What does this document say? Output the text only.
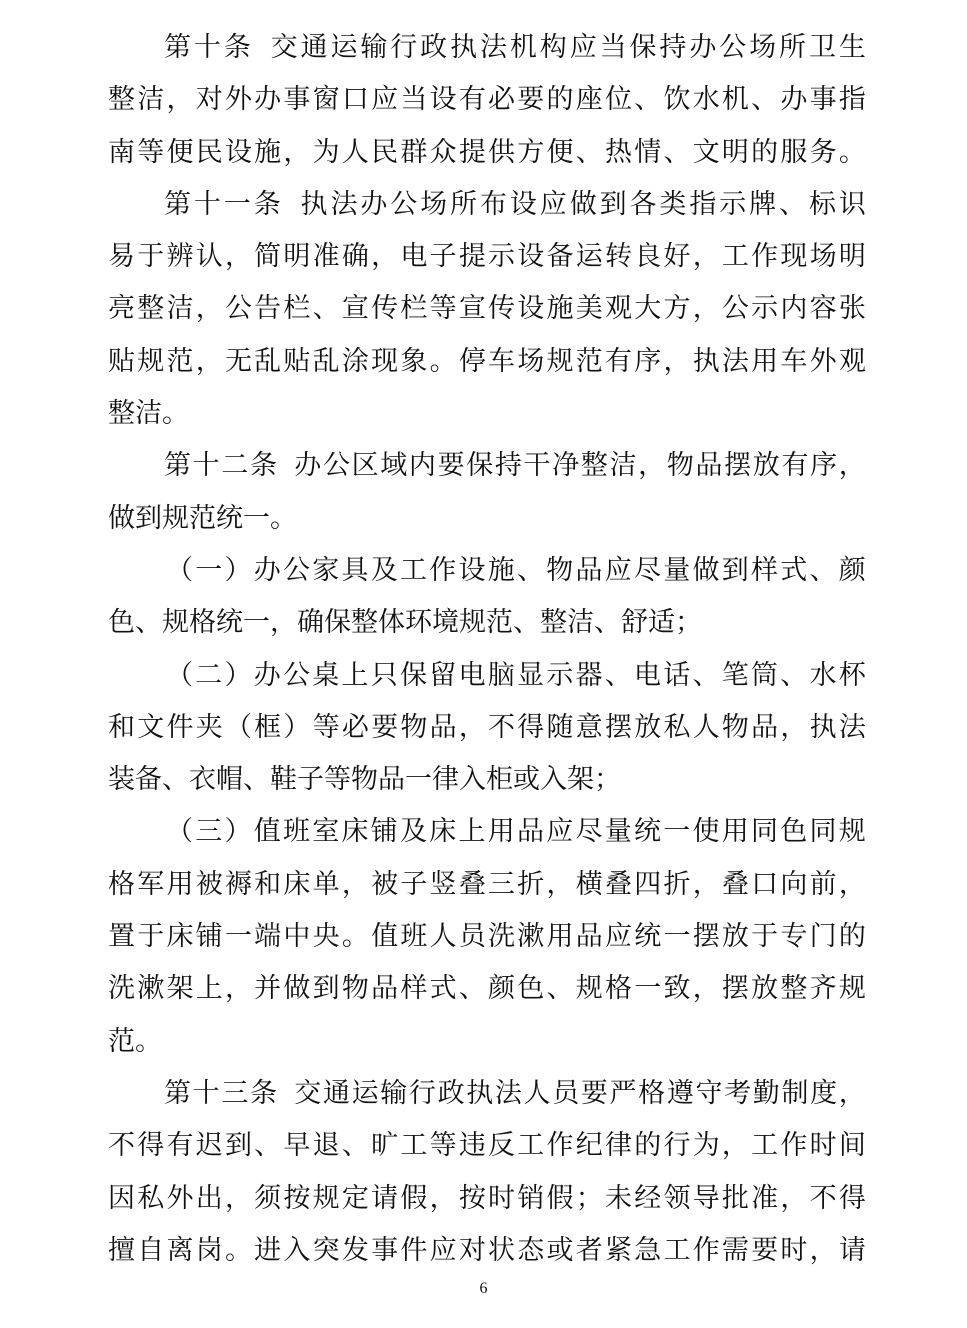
第 十 条
交 通 运 输 行 政 执 法 机 构 应 当 保 持 办 公 场 所 卫 生
整 洁 ， 对 外 办 事 窗 口 应 当 设 有 必 要 的 座 位 、 饮 水 机 、 办 事 指
南 等 便 民 设 施 ， 为 人 民 群 众 提 供 方 便 、 热 情 、 文 明 的 服 务 。
第 十 一 条
执 法 办 公 场 所 布 设 应 做 到 各 类 指 示 牌 、 标 识
易 于 辨 认 ， 简 明 准 确 ， 电 子 提 示 设 备 运 转 良 好 ， 工 作 现 场 明
亮 整 洁 ， 公 告 栏 、 宣 传 栏 等 宣 传 设 施 美 观 大 方 ， 公 示 内 容 张
贴 规 范 ， 无 乱 贴 乱 涂 现 象 。 停 车 场 规 范 有 序 ， 执 法 用 车 外 观
整 洁 。
第 十 二 条
办 公 区 域 内 要 保 持 干 净 整 洁 ， 物 品 摆 放 有 序 ，
做 到 规 范 统 一 。
（ 一 ） 办 公 家 具 及 工 作 设 施 、 物 品 应 尽 量 做 到 样 式 、 颜
色 、 规 格 统 一 ， 确 保 整 体 环 境 规 范 、 整 洁 、 舒 适 ；
（ 二 ） 办 公 桌 上 只 保 留 电 脑 显 示 器 、 电 话 、 笔 筒 、 水 杯
和 文 件 夹 （ 框 ） 等 必 要 物 品 ， 不 得 随 意 摆 放 私 人 物 品 ， 执 法
装 备 、 衣 帽 、 鞋 子 等 物 品 一 律 入 柜 或 入 架 ；
（ 三 ） 值 班 室 床 铺 及 床 上 用 品 应 尽 量 统 一 使 用 同 色 同 规
格 军 用 被 褥 和 床 单 ， 被 子 竖 叠 三 折 ， 横 叠 四 折 ， 叠 口 向 前 ，
置 于 床 铺 一 端 中 央 。 值 班 人 员 洗 漱 用 品 应 统 一 摆 放 于 专 门 的
洗 漱 架 上 ， 并 做 到 物 品 样 式 、 颜 色 、 规 格 一 致 ， 摆 放 整 齐 规
范 。
第 十 三 条
交 通 运 输 行 政 执 法 人 员 要 严 格 遵 守 考 勤 制 度 ，
不 得 有 迟 到 、 早 退 、 旷 工 等 违 反 工 作 纪 律 的 行 为 ， 工 作 时 间
因 私 外 出 ， 须 按 规 定 请 假 ， 按 时 销 假 ； 未 经 领 导 批 准 ， 不 得
擅 自 离 岗 。 进 入 突 发 事 件 应 对 状 态 或 者 紧 急 工 作 需 要 时 ， 请
6
